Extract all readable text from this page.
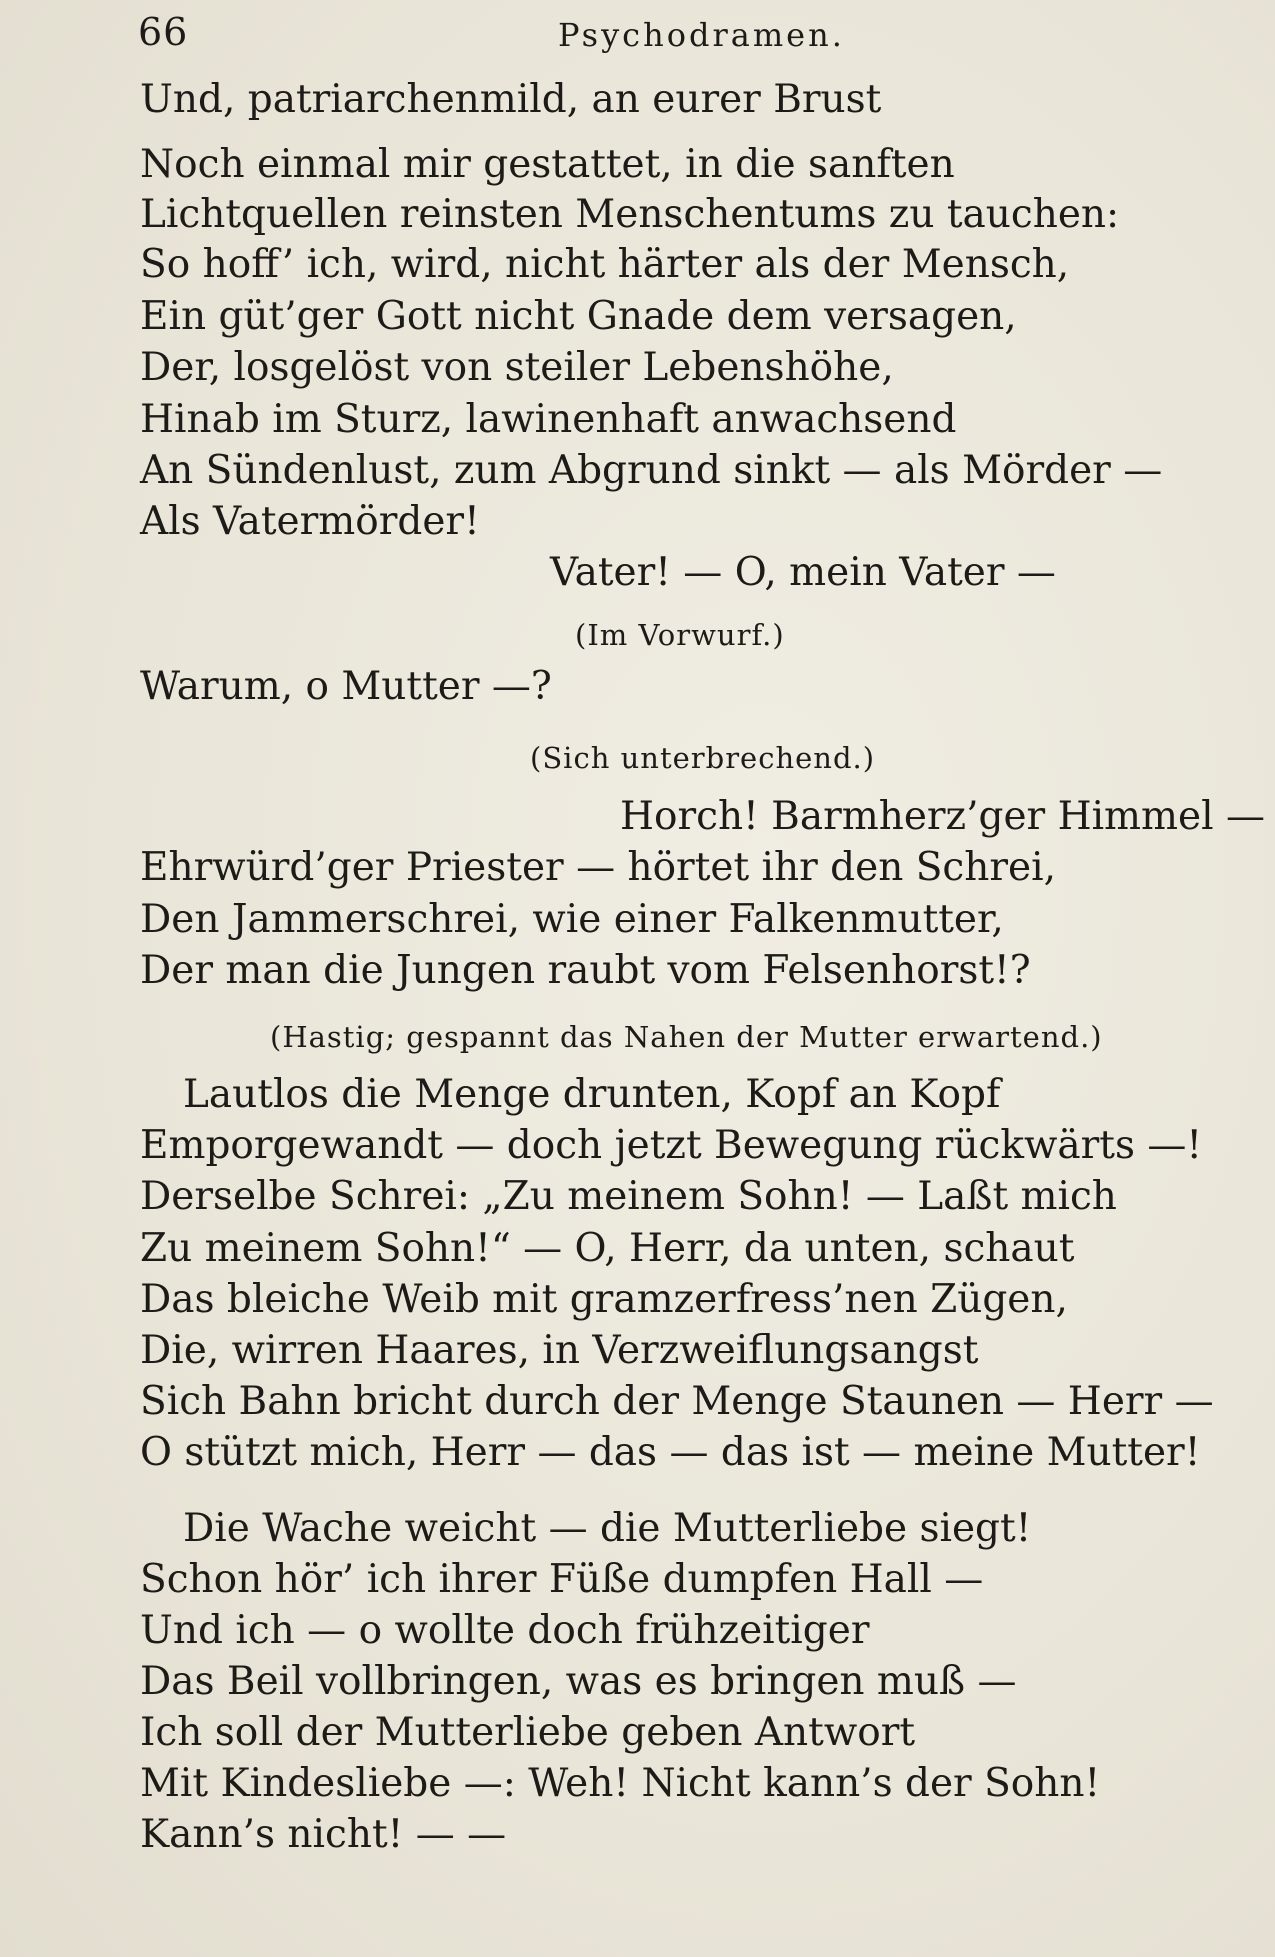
66	Psychodramen.
Und, patriarchenmild, an eurer Brust
Noch einmal mir gestattet, in die sanften
Lichtquellen reinsten Menschentums zu tauchen:
So hoff’ ich, wird, nicht härter als der Mensch,
Ein güt’ger Gott nicht Gnade dem versagen,
Der, losgelöst von steiler Lebenshöhe,
Hinab im Sturz, lawinenhaft anwachsend
An Sündenlust, zum Abgrund sinkt — als Mörder —
Als Vatermörder!
Vater! — O, mein Vater —
(Im Vorwurf.)
Warum, o Mutter —?
(Sich unterbrechend.)
Horch! Barmherz’ger Himmel —
Ehrwürd’ger Priester — hörtet ihr den Schrei,
Den Jammerschrei, wie einer Falkenmutter,
Der man die Jungen raubt vom Felsenhorst!?
(Hastig; gespannt das Nahen der Mutter erwartend.)
Lautlos die Menge drunten, Kopf an Kopf
Emporgewandt — doch jetzt Bewegung rückwärts —!
Derselbe Schrei: „Zu meinem Sohn! — Laßt mich
Zu meinem Sohn!“ — O, Herr, da unten, schaut
Das bleiche Weib mit gramzerfress’nen Zügen,
Die, wirren Haares, in Verzweiflungsangst
Sich Bahn bricht durch der Menge Staunen — Herr —
O stützt mich, Herr — das — das ist — meine Mutter!
Die Wache weicht — die Mutterliebe siegt!
Schon hör’ ich ihrer Füße dumpfen Hall —
Und ich — o wollte doch frühzeitiger
Das Beil vollbringen, was es bringen muß —
Ich soll der Mutterliebe geben Antwort
Mit Kindesliebe —: Weh! Nicht kann’s der Sohn!
Kann’s nicht! — —
